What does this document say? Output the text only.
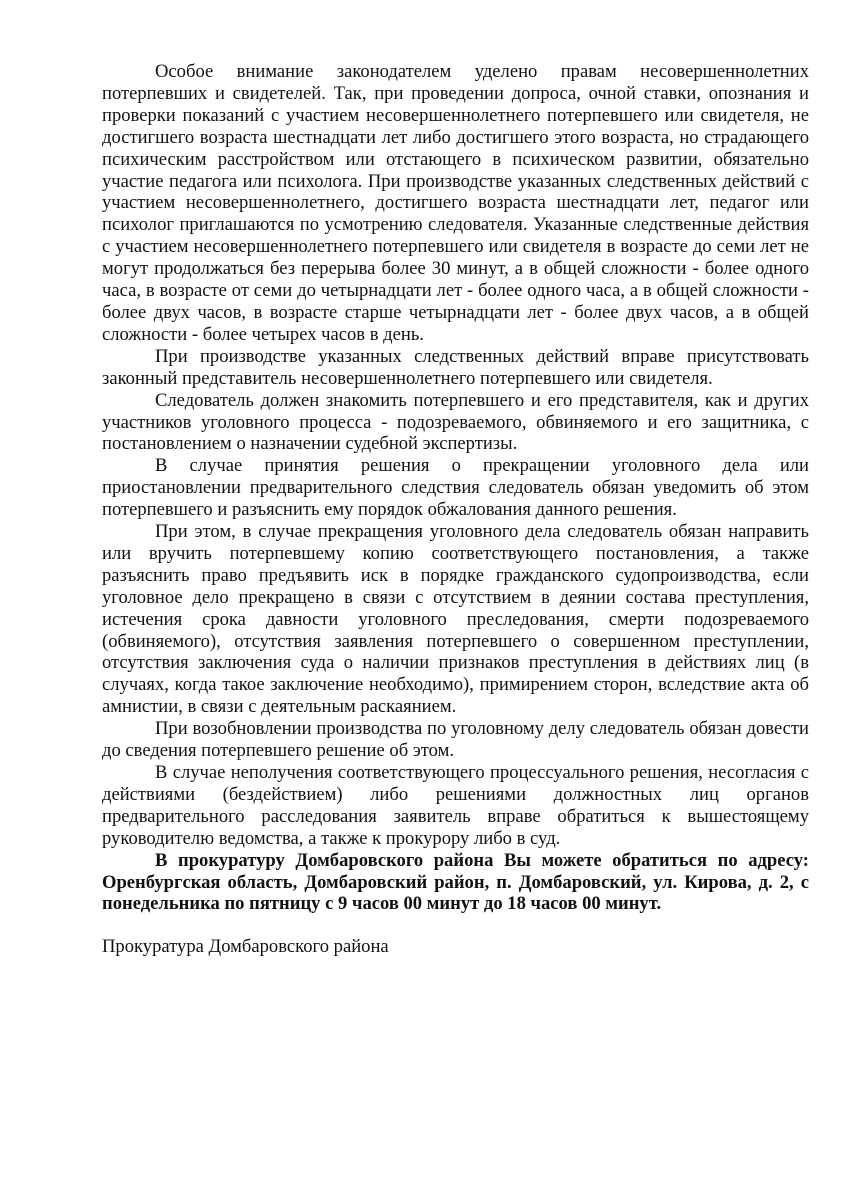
Особое внимание законодателем уделено правам несовершеннолетних потерпевших и свидетелей. Так, при проведении допроса, очной ставки, опознания и проверки показаний с участием несовершеннолетнего потерпевшего или свидетеля, не достигшего возраста шестнадцати лет либо достигшего этого возраста, но страдающего психическим расстройством или отстающего в психическом развитии, обязательно участие педагога или психолога. При производстве указанных следственных действий с участием несовершеннолетнего, достигшего возраста шестнадцати лет, педагог или психолог приглашаются по усмотрению следователя. Указанные следственные действия с участием несовершеннолетнего потерпевшего или свидетеля в возрасте до семи лет не могут продолжаться без перерыва более 30 минут, а в общей сложности - более одного часа, в возрасте от семи до четырнадцати лет - более одного часа, а в общей сложности - более двух часов, в возрасте старше четырнадцати лет - более двух часов, а в общей сложности - более четырех часов в день.

При производстве указанных следственных действий вправе присутствовать законный представитель несовершеннолетнего потерпевшего или свидетеля.

Следователь должен знакомить потерпевшего и его представителя, как и других участников уголовного процесса - подозреваемого, обвиняемого и его защитника, с постановлением о назначении судебной экспертизы.

В случае принятия решения о прекращении уголовного дела или приостановлении предварительного следствия следователь обязан уведомить об этом потерпевшего и разъяснить ему порядок обжалования данного решения.

При этом, в случае прекращения уголовного дела следователь обязан направить или вручить потерпевшему копию соответствующего постановления, а также разъяснить право предъявить иск в порядке гражданского судопроизводства, если уголовное дело прекращено в связи с отсутствием в деянии состава преступления, истечения срока давности уголовного преследования, смерти подозреваемого (обвиняемого), отсутствия заявления потерпевшего о совершенном преступлении, отсутствия заключения суда о наличии признаков преступления в действиях лиц (в случаях, когда такое заключение необходимо), примирением сторон, вследствие акта об амнистии, в связи с деятельным раскаянием.

При возобновлении производства по уголовному делу следователь обязан довести до сведения потерпевшего решение об этом.

В случае неполучения соответствующего процессуального решения, несогласия с действиями (бездействием) либо решениями должностных лиц органов предварительного расследования заявитель вправе обратиться к вышестоящему руководителю ведомства, а также к прокурору либо в суд.

В прокуратуру Домбаровского района Вы можете обратиться по адресу: Оренбургская область, Домбаровский район, п. Домбаровский, ул. Кирова, д. 2, с понедельника по пятницу с 9 часов 00 минут до 18 часов 00 минут.

Прокуратура Домбаровского района
